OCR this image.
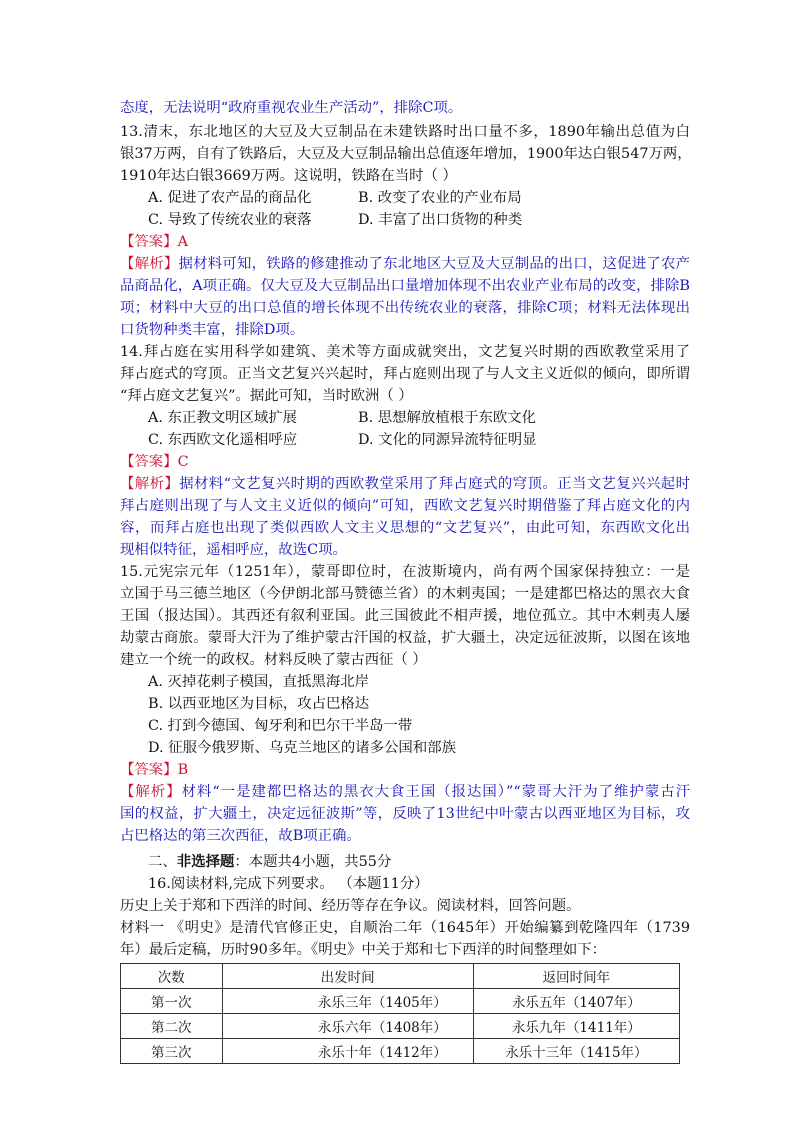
态度，无法说明“政府重视农业生产活动”，排除C项。
13.清末，东北地区的大豆及大豆制品在未建铁路时出口量不多，1890年输出总值为白
银37万两，自有了铁路后，大豆及大豆制品输出总值逐年增加，1900年达白银547万两，
1910年达白银3669万两。这说明，铁路在当时（ ）
A. 促进了农产品的商品化	B. 改变了农业的产业布局
C. 导致了传统农业的衰落	D. 丰富了出口货物的种类
【答案】A
【解析】据材料可知，铁路的修建推动了东北地区大豆及大豆制品的出口，这促进了农产
品商品化，A项正确。仅大豆及大豆制品出口量增加体现不出农业产业布局的改变，排除B
项；材料中大豆的出口总值的增长体现不出传统农业的衰落，排除C项；材料无法体现出
口货物种类丰富，排除D项。
14.拜占庭在实用科学如建筑、美术等方面成就突出，文艺复兴时期的西欧教堂采用了
拜占庭式的穹顶。正当文艺复兴兴起时，拜占庭则出现了与人文主义近似的倾向，即所谓
“拜占庭文艺复兴”。据此可知，当时欧洲（ ）
A. 东正教文明区域扩展	B. 思想解放植根于东欧文化
C. 东西欧文化遥相呼应	D. 文化的同源异流特征明显
【答案】C
【解析】据材料“文艺复兴时期的西欧教堂采用了拜占庭式的穹顶。正当文艺复兴兴起时
拜占庭则出现了与人文主义近似的倾向”可知，西欧文艺复兴时期借鉴了拜占庭文化的内
容，而拜占庭也出现了类似西欧人文主义思想的“文艺复兴”，由此可知，东西欧文化出
现相似特征，遥相呼应，故选C项。
15.元宪宗元年（1251年），蒙哥即位时，在波斯境内，尚有两个国家保持独立：一是
立国于马三德兰地区（今伊朗北部马赞德兰省）的木剌夷国；一是建都巴格达的黑衣大食
王国（报达国）。其西还有叙利亚国。此三国彼此不相声援，地位孤立。其中木剌夷人屡
劫蒙古商旅。蒙哥大汗为了维护蒙古汗国的权益，扩大疆土，决定远征波斯，以图在该地
建立一个统一的政权。材料反映了蒙古西征（ ）
A. 灭掉花剌子模国，直抵黑海北岸
B. 以西亚地区为目标，攻占巴格达
C. 打到今德国、匈牙利和巴尔干半岛一带
D. 征服今俄罗斯、乌克兰地区的诸多公国和部族
【答案】B
【解析】材料“一是建都巴格达的黑衣大食王国（报达国）”“蒙哥大汗为了维护蒙古汗
国的权益，扩大疆土，决定远征波斯”等，反映了13世纪中叶蒙古以西亚地区为目标，攻
占巴格达的第三次西征，故B项正确。
二、非选择题：本题共4小题，共55分
16.阅读材料,完成下列要求。 （本题11分）
历史上关于郑和下西洋的时间、经历等存在争议。阅读材料，回答问题。
材料一 《明史》是清代官修正史，自顺治二年（1645年）开始编纂到乾隆四年（1739
年）最后定稿，历时90多年。《明史》中关于郑和七下西洋的时间整理如下：
次数	出发时间	返回时间年
第一次	永乐三年（1405年）	永乐五年（1407年）
第二次	永乐六年（1408年）	永乐九年（1411年）
第三次	永乐十年（1412年）	永乐十三年（1415年）
